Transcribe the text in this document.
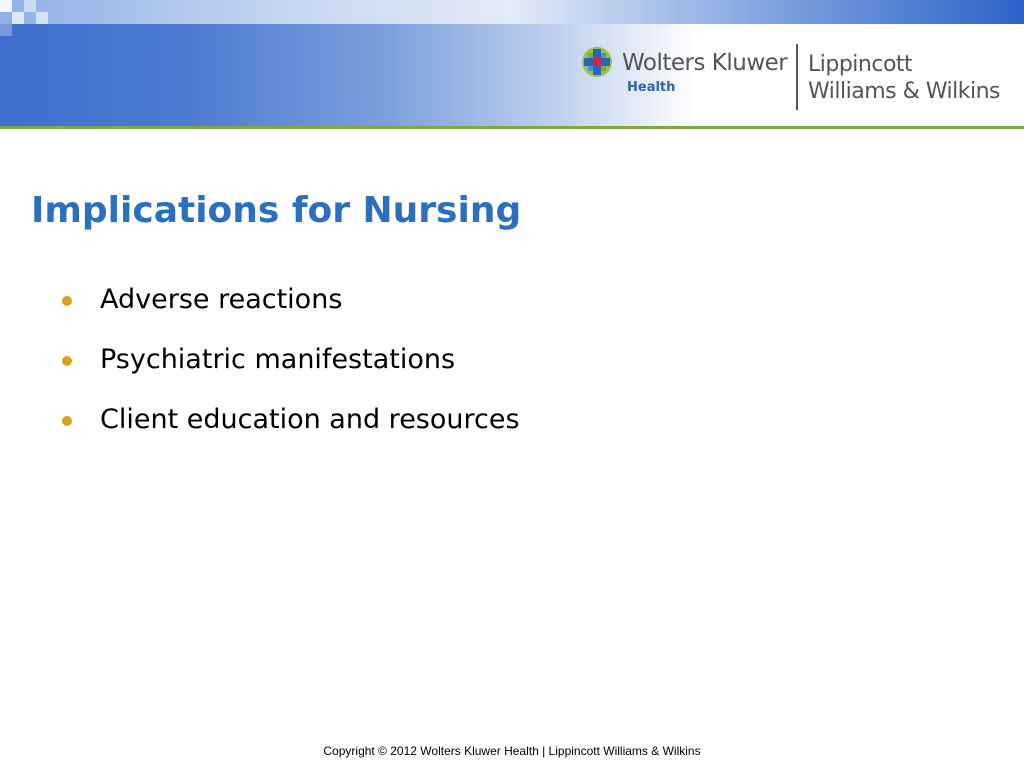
Wolters Kluwer
Health
Lippincott
Williams & Wilkins
Implications for Nursing
Adverse reactions
Psychiatric manifestations
Client education and resources
Copyright © 2012 Wolters Kluwer Health | Lippincott Williams & Wilkins
